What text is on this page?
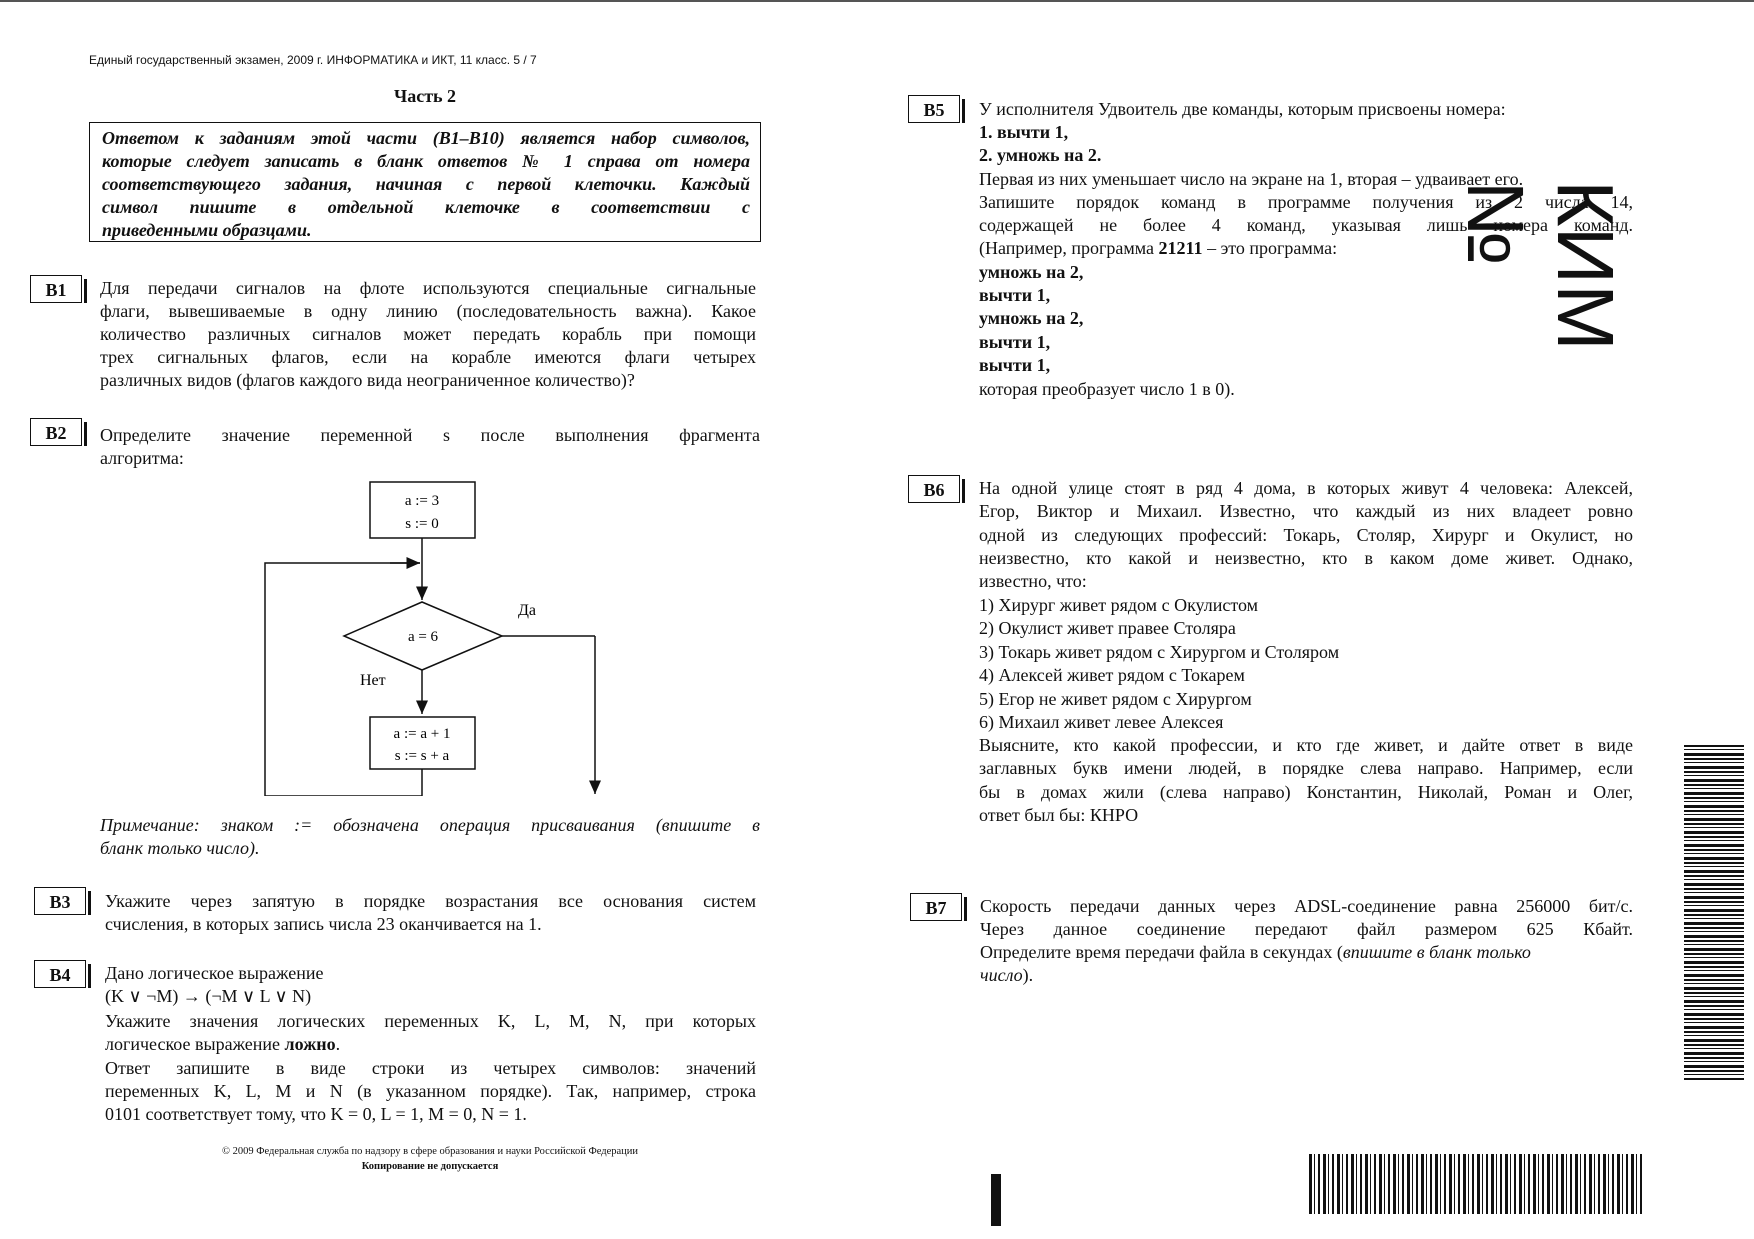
Единый государственный экзамен, 2009 г. ИНФОРМАТИКА и ИКТ, 11 класс. 5 / 7
Часть 2
Ответом к заданиям этой части (B1–B10) является набор символов,
которые следует записать в бланк ответов № 1 справа от номера
соответствующего задания, начиная с первой клеточки. Каждый
символ пишите в отдельной клеточке в соответствии с
приведенными образцами.
B1	Для передачи сигналов на флоте используются специальные сигнальные
флаги, вывешиваемые в одну линию (последовательность важна). Какое
количество различных сигналов может передать корабль при помощи
трех сигнальных флагов, если на корабле имеются флаги четырех
различных видов (флагов каждого вида неограниченное количество)?
B2	Определите значение переменной s после выполнения фрагмента
алгоритма:
a := 3
s := 0
a = 6
Да
Нет
a := a + 1
s := s + a
Примечание: знаком := обозначена операция присваивания (впишите в
бланк только число).
B3	Укажите через запятую в порядке возрастания все основания систем
счисления, в которых запись числа 23 оканчивается на 1.
B4	Дано логическое выражение
(K ∨ ¬M) → (¬M ∨ L ∨ N)
Укажите значения логических переменных K, L, M, N, при которых
логическое выражение ложно.
Ответ запишите в виде строки из четырех символов: значений
переменных K, L, M и N (в указанном порядке). Так, например, строка
0101 соответствует тому, что K = 0, L = 1, M = 0, N = 1.
© 2009 Федеральная служба по надзору в сфере образования и науки Российской Федерации
Копирование не допускается
B5	У исполнителя Удвоитель две команды, которым присвоены номера:
1. вычти 1,
2. умножь на 2.
Первая из них уменьшает число на экране на 1, вторая – удваивает его.
Запишите порядок команд в программе получения из 2 числа 14,
содержащей не более 4 команд, указывая лишь номера команд.
(Например, программа 21211 – это программа:
умножь на 2,
вычти 1,
умножь на 2,
вычти 1,
вычти 1,
которая преобразует число 1 в 0).
B6	На одной улице стоят в ряд 4 дома, в которых живут 4 человека: Алексей,
Егор, Виктор и Михаил. Известно, что каждый из них владеет ровно
одной из следующих профессий: Токарь, Столяр, Хирург и Окулист, но
неизвестно, кто какой и неизвестно, кто в каком доме живет. Однако,
известно, что:
1) Хирург живет рядом с Окулистом
2) Окулист живет правее Столяра
3) Токарь живет рядом с Хирургом и Столяром
4) Алексей живет рядом с Токарем
5) Егор не живет рядом с Хирургом
6) Михаил живет левее Алексея
Выясните, кто какой профессии, и кто где живет, и дайте ответ в виде
заглавных букв имени людей, в порядке слева направо. Например, если
бы в домах жили (слева направо) Константин, Николай, Роман и Олег,
ответ был бы: КНРО
B7	Скорость передачи данных через ADSL-соединение равна 256000 бит/с.
Через данное соединение передают файл размером 625 Кбайт.
Определите время передачи файла в секундах (впишите в бланк только
число).
КИМ №
